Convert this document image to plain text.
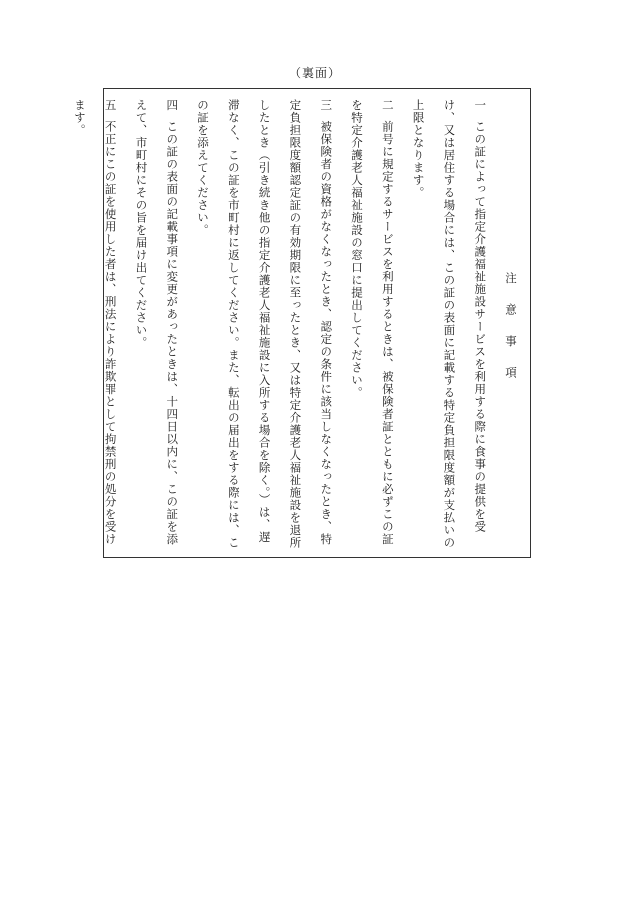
（裏面）
注意事項

一この証によって指定介護福祉施設サービスを利用する際に食事の提供を受け、又は居住する場合には、この証の表面に記載する特定負担限度額が支払いの上限となります。

二前号に規定するサービスを利用するときは、被保険者証とともに必ずこの証を特定介護老人福祉施設の窓口に提出してください。

三被保険者の資格がなくなったとき、認定の条件に該当しなくなったとき、特定負担限度額認定証の有効期限に至ったとき、又は特定介護老人福祉施設を退所したとき（引き続き他の指定介護老人福祉施設に入所する場合を除く。）は、遅滞なく、この証を市町村に返してください。また、転出の届出をする際には、この証を添えてください。

四この証の表面の記載事項に変更があったときは、十四日以内に、この証を添えて、市町村にその旨を届け出てください。

五不正にこの証を使用した者は、刑法により詐欺罪として拘禁刑の処分を受けます。
